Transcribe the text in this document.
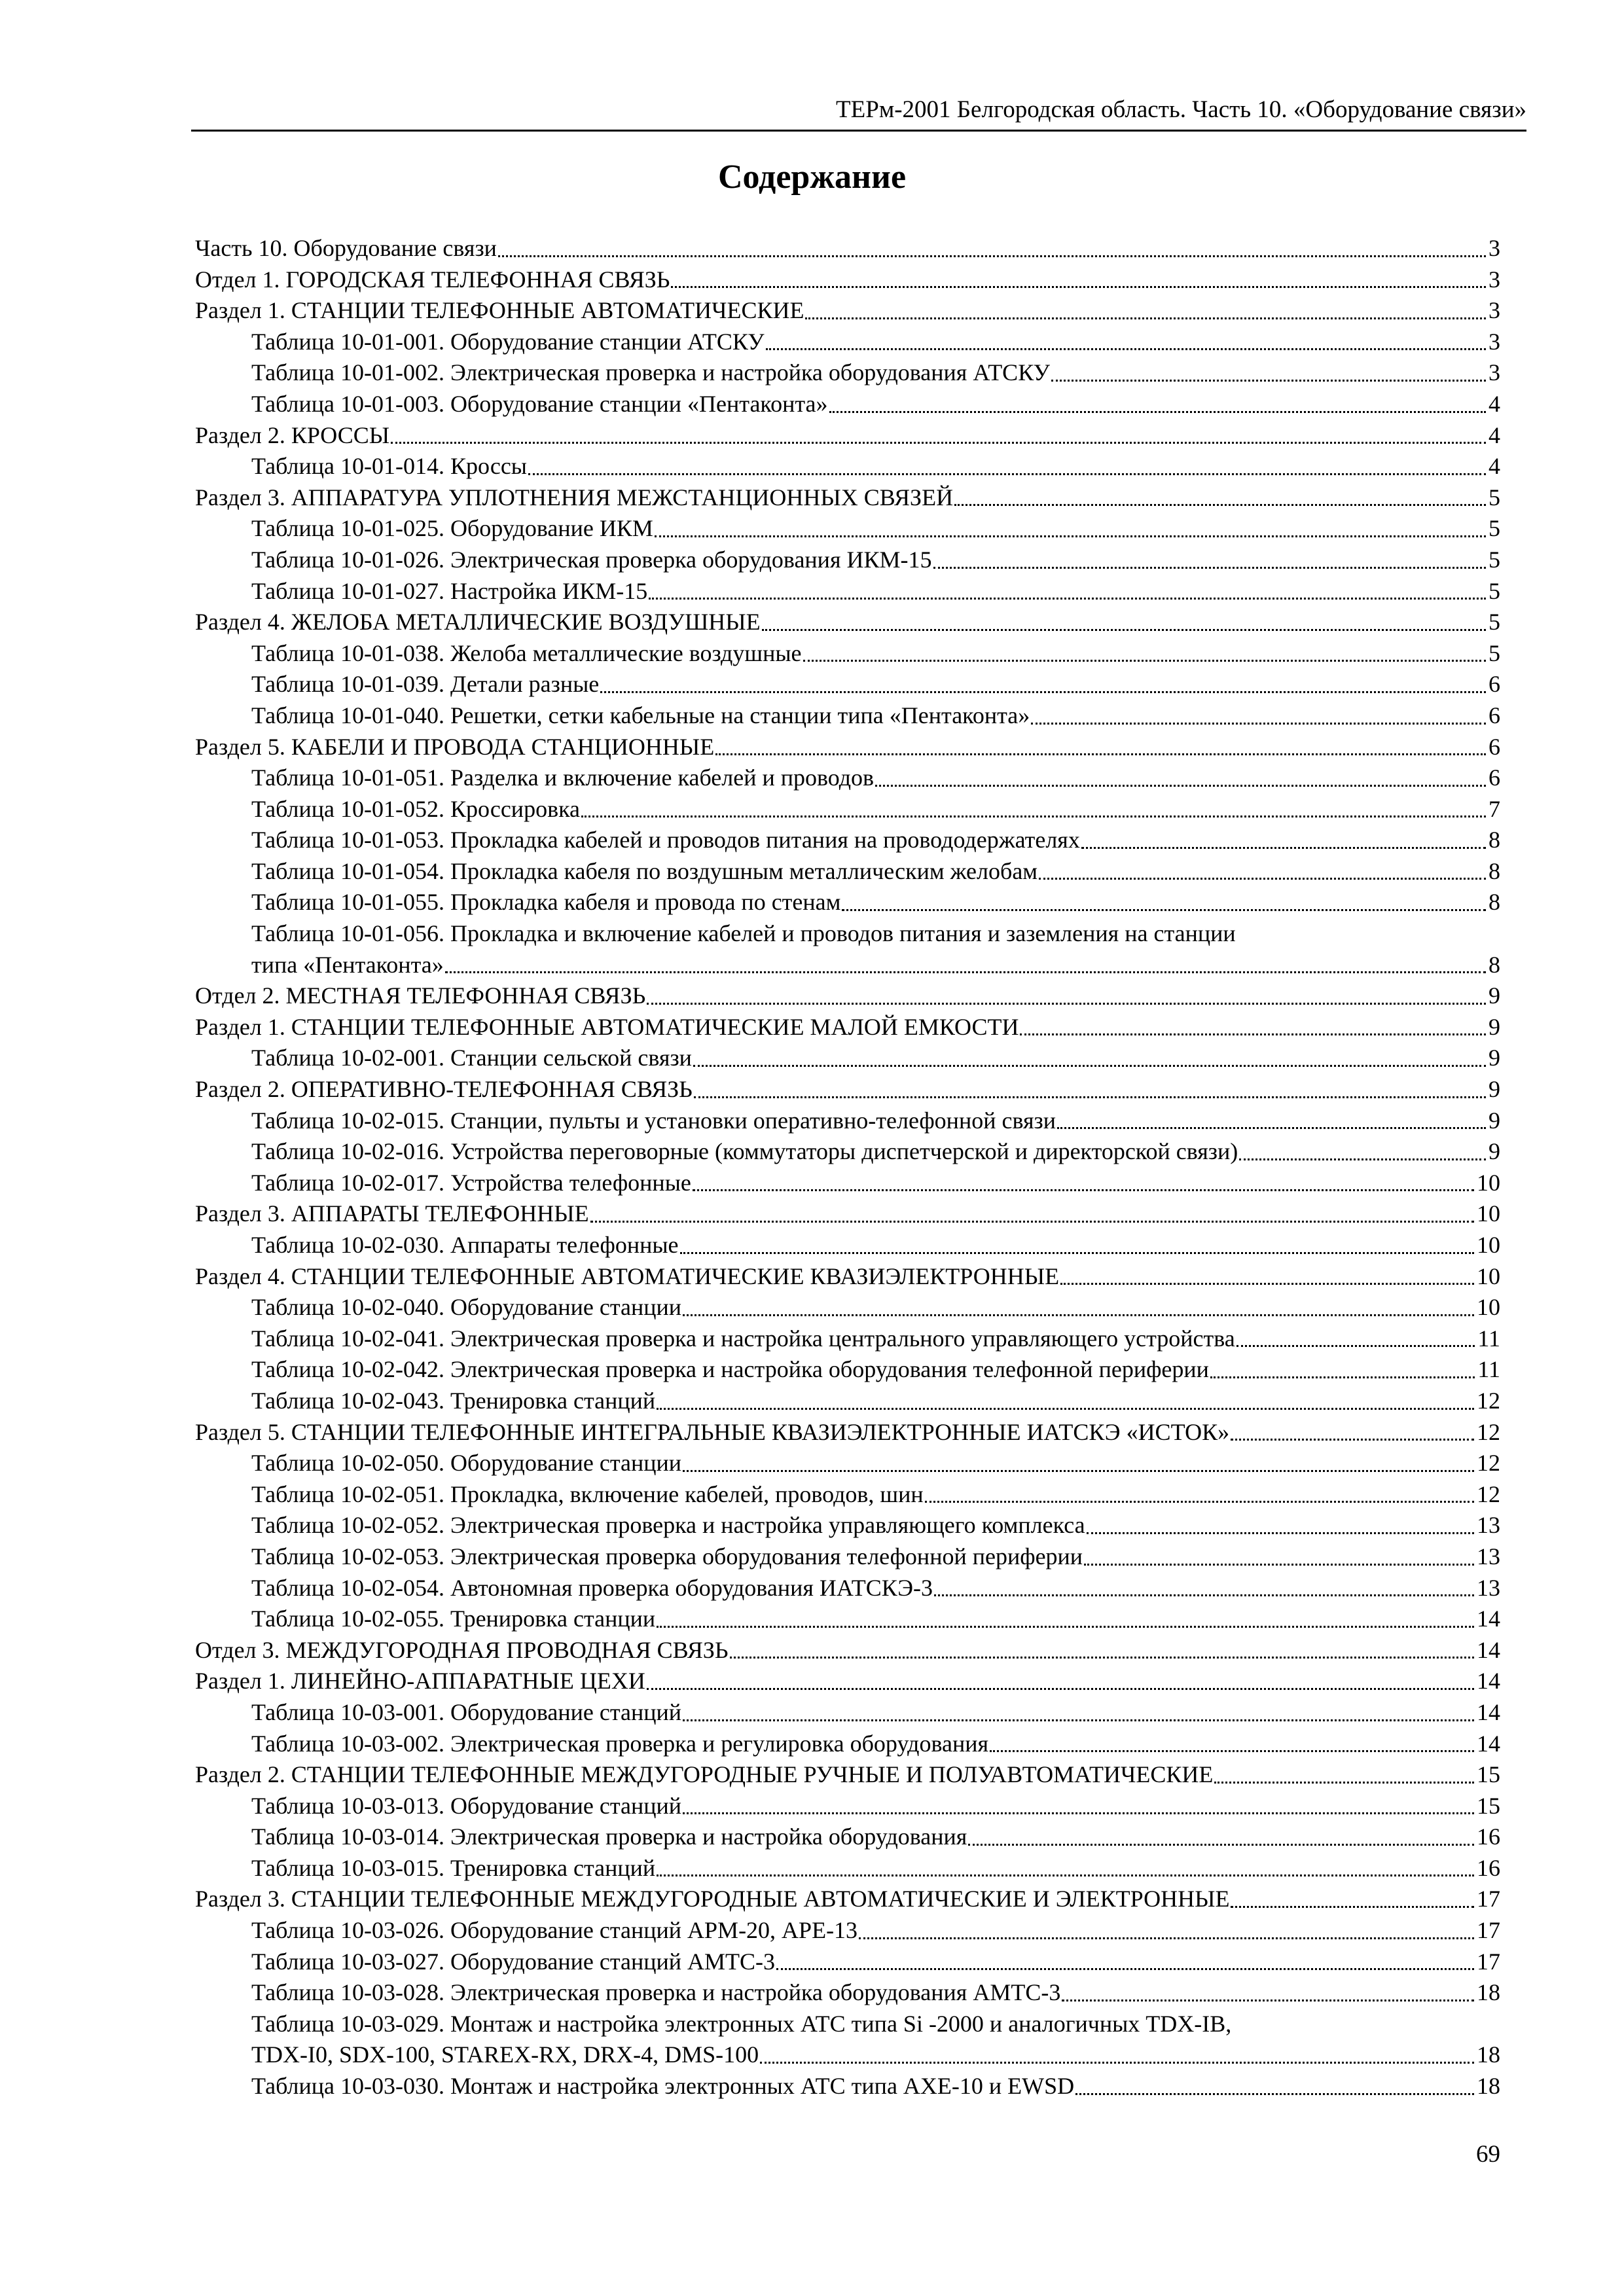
ТЕРм-2001 Белгородская область. Часть 10. «Оборудование связи»
Содержание
Часть 10. Оборудование связи	3
Отдел 1. ГОРОДСКАЯ ТЕЛЕФОННАЯ СВЯЗЬ	3
Раздел 1. СТАНЦИИ ТЕЛЕФОННЫЕ АВТОМАТИЧЕСКИЕ	3
Таблица 10-01-001. Оборудование станции АТСКУ	3
Таблица 10-01-002. Электрическая проверка и настройка оборудования АТСКУ	3
Таблица 10-01-003. Оборудование станции «Пентаконта»	4
Раздел 2. КРОССЫ	4
Таблица 10-01-014. Кроссы	4
Раздел 3. АППАРАТУРА УПЛОТНЕНИЯ МЕЖСТАНЦИОННЫХ СВЯЗЕЙ	5
Таблица 10-01-025. Оборудование ИКМ	5
Таблица 10-01-026. Электрическая проверка оборудования ИКМ-15	5
Таблица 10-01-027. Настройка ИКМ-15	5
Раздел 4. ЖЕЛОБА МЕТАЛЛИЧЕСКИЕ ВОЗДУШНЫЕ	5
Таблица 10-01-038. Желоба металлические воздушные	5
Таблица 10-01-039. Детали разные	6
Таблица 10-01-040. Решетки, сетки кабельные на станции типа «Пентаконта»	6
Раздел 5. КАБЕЛИ И ПРОВОДА СТАНЦИОННЫЕ	6
Таблица 10-01-051. Разделка и включение кабелей и проводов	6
Таблица 10-01-052. Кроссировка	7
Таблица 10-01-053. Прокладка кабелей и проводов питания на провододержателях	8
Таблица 10-01-054. Прокладка кабеля по воздушным металлическим желобам	8
Таблица 10-01-055. Прокладка кабеля и провода по стенам	8
Таблица 10-01-056. Прокладка и включение кабелей и проводов питания и заземления на станции
типа «Пентаконта»	8
Отдел 2. МЕСТНАЯ ТЕЛЕФОННАЯ СВЯЗЬ	9
Раздел 1. СТАНЦИИ ТЕЛЕФОННЫЕ АВТОМАТИЧЕСКИЕ МАЛОЙ ЕМКОСТИ	9
Таблица 10-02-001. Станции сельской связи	9
Раздел 2. ОПЕРАТИВНО-ТЕЛЕФОННАЯ СВЯЗЬ	9
Таблица 10-02-015. Станции, пульты и установки оперативно-телефонной связи	9
Таблица 10-02-016. Устройства переговорные (коммутаторы диспетчерской и директорской связи)	9
Таблица 10-02-017. Устройства телефонные	10
Раздел 3. АППАРАТЫ ТЕЛЕФОННЫЕ	10
Таблица 10-02-030. Аппараты телефонные	10
Раздел 4. СТАНЦИИ ТЕЛЕФОННЫЕ АВТОМАТИЧЕСКИЕ КВАЗИЭЛЕКТРОННЫЕ	10
Таблица 10-02-040. Оборудование станции	10
Таблица 10-02-041. Электрическая проверка и настройка центрального управляющего устройства	11
Таблица 10-02-042. Электрическая проверка и настройка оборудования телефонной периферии	11
Таблица 10-02-043. Тренировка станций	12
Раздел 5. СТАНЦИИ ТЕЛЕФОННЫЕ ИНТЕГРАЛЬНЫЕ КВАЗИЭЛЕКТРОННЫЕ ИАТСКЭ «ИСТОК»	12
Таблица 10-02-050. Оборудование станции	12
Таблица 10-02-051. Прокладка, включение кабелей, проводов, шин	12
Таблица 10-02-052. Электрическая проверка и настройка управляющего комплекса	13
Таблица 10-02-053. Электрическая проверка оборудования телефонной периферии	13
Таблица 10-02-054. Автономная проверка оборудования ИАТСКЭ-3	13
Таблица 10-02-055. Тренировка станции	14
Отдел 3. МЕЖДУГОРОДНАЯ ПРОВОДНАЯ СВЯЗЬ	14
Раздел 1. ЛИНЕЙНО-АППАРАТНЫЕ ЦЕХИ	14
Таблица 10-03-001. Оборудование станций	14
Таблица 10-03-002. Электрическая проверка и регулировка оборудования	14
Раздел 2. СТАНЦИИ ТЕЛЕФОННЫЕ МЕЖДУГОРОДНЫЕ РУЧНЫЕ И ПОЛУАВТОМАТИЧЕСКИЕ	15
Таблица 10-03-013. Оборудование станций	15
Таблица 10-03-014. Электрическая проверка и настройка оборудования	16
Таблица 10-03-015. Тренировка станций	16
Раздел 3. СТАНЦИИ ТЕЛЕФОННЫЕ МЕЖДУГОРОДНЫЕ АВТОМАТИЧЕСКИЕ И ЭЛЕКТРОННЫЕ	17
Таблица 10-03-026. Оборудование станций АРМ-20, АРЕ-13	17
Таблица 10-03-027. Оборудование станций АМТС-3	17
Таблица 10-03-028. Электрическая проверка и настройка оборудования АМТС-3	18
Таблица 10-03-029. Монтаж и настройка электронных АТС типа Si -2000 и аналогичных TDX-IB,
TDX-I0, SDX-100, STAREX-RX, DRX-4, DMS-100	18
Таблица 10-03-030. Монтаж и настройка электронных АТС типа AXE-10 и EWSD	18
69
